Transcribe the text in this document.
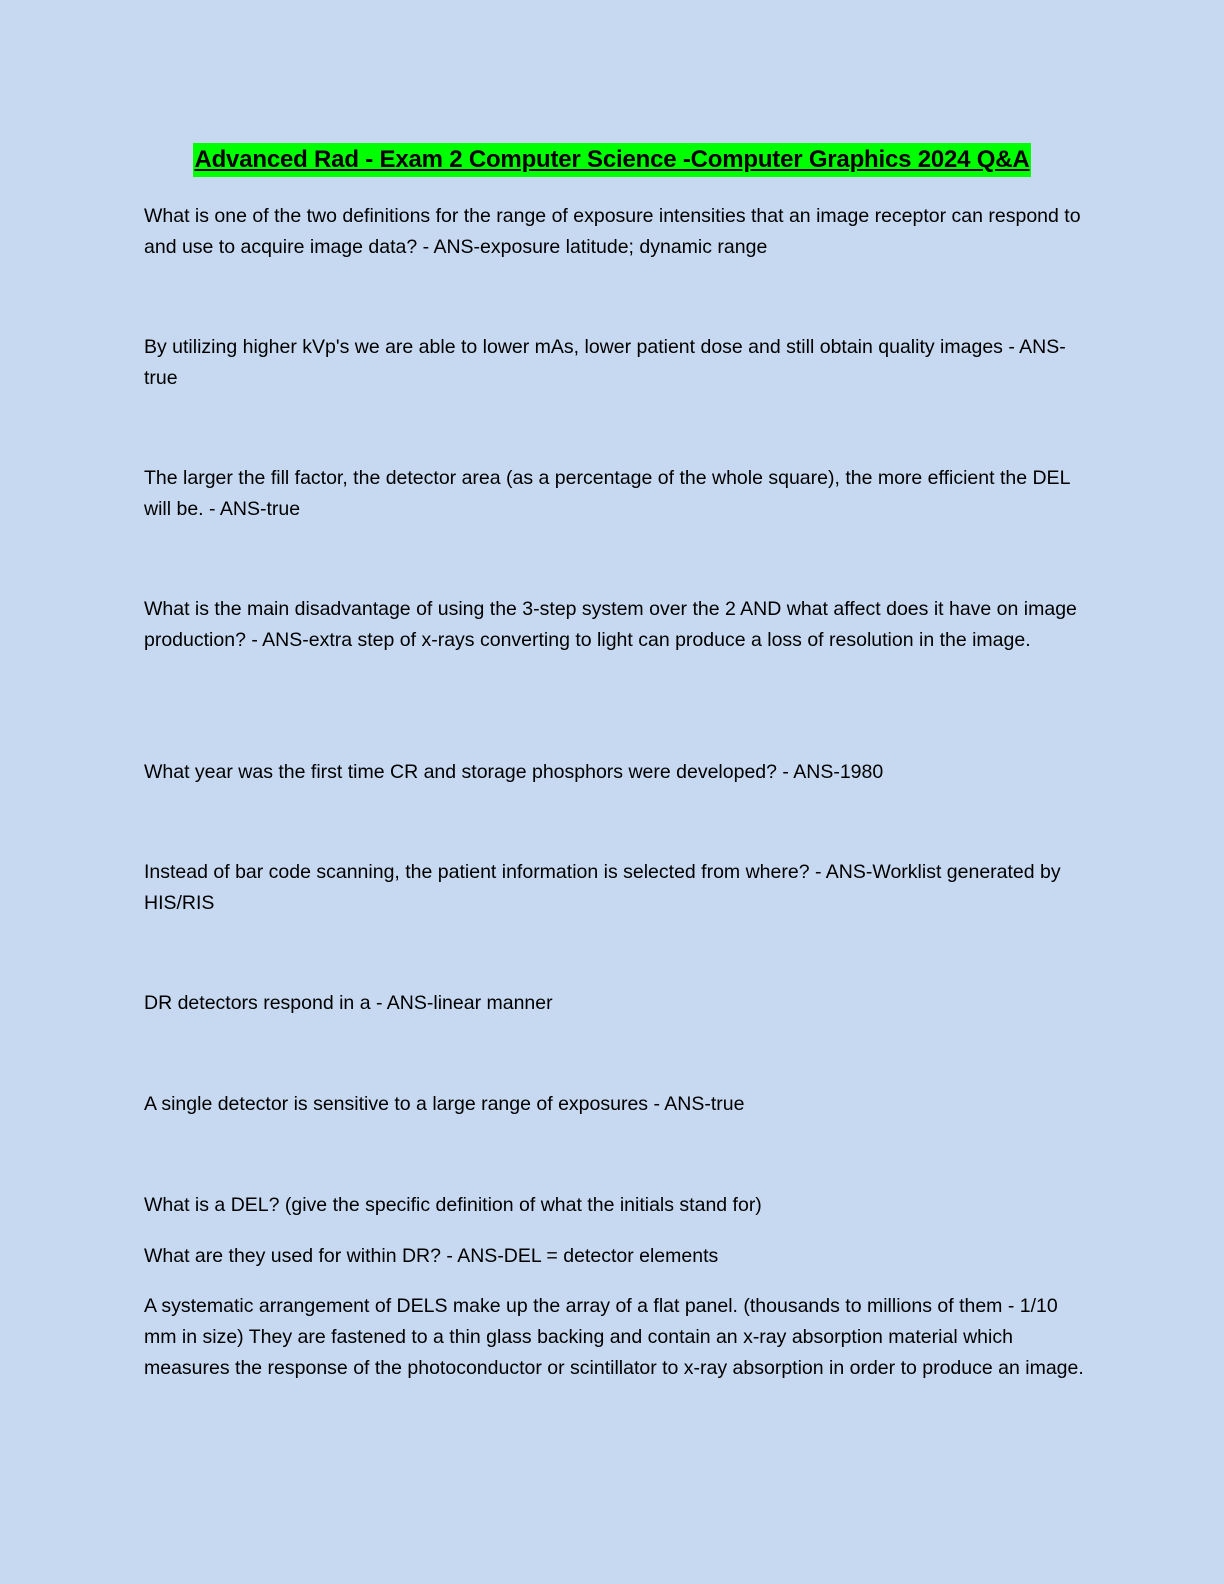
Advanced Rad - Exam 2 Computer Science -Computer Graphics 2024 Q&A

What is one of the two definitions for the range of exposure intensities that an image receptor can respond to and use to acquire image data? - ANS-exposure latitude; dynamic range

By utilizing higher kVp's we are able to lower mAs, lower patient dose and still obtain quality images - ANS-true

The larger the fill factor, the detector area (as a percentage of the whole square), the more efficient the DEL will be. - ANS-true

What is the main disadvantage of using the 3-step system over the 2 AND what affect does it have on image production? - ANS-extra step of x-rays converting to light can produce a loss of resolution in the image.

What year was the first time CR and storage phosphors were developed? - ANS-1980

Instead of bar code scanning, the patient information is selected from where? - ANS-Worklist generated by HIS/RIS

DR detectors respond in a - ANS-linear manner

A single detector is sensitive to a large range of exposures - ANS-true

What is a DEL? (give the specific definition of what the initials stand for)

What are they used for within DR? - ANS-DEL = detector elements

A systematic arrangement of DELS make up the array of a flat panel. (thousands to millions of them - 1/10 mm in size) They are fastened to a thin glass backing and contain an x-ray absorption material which measures the response of the photoconductor or scintillator to x-ray absorption in order to produce an image.
